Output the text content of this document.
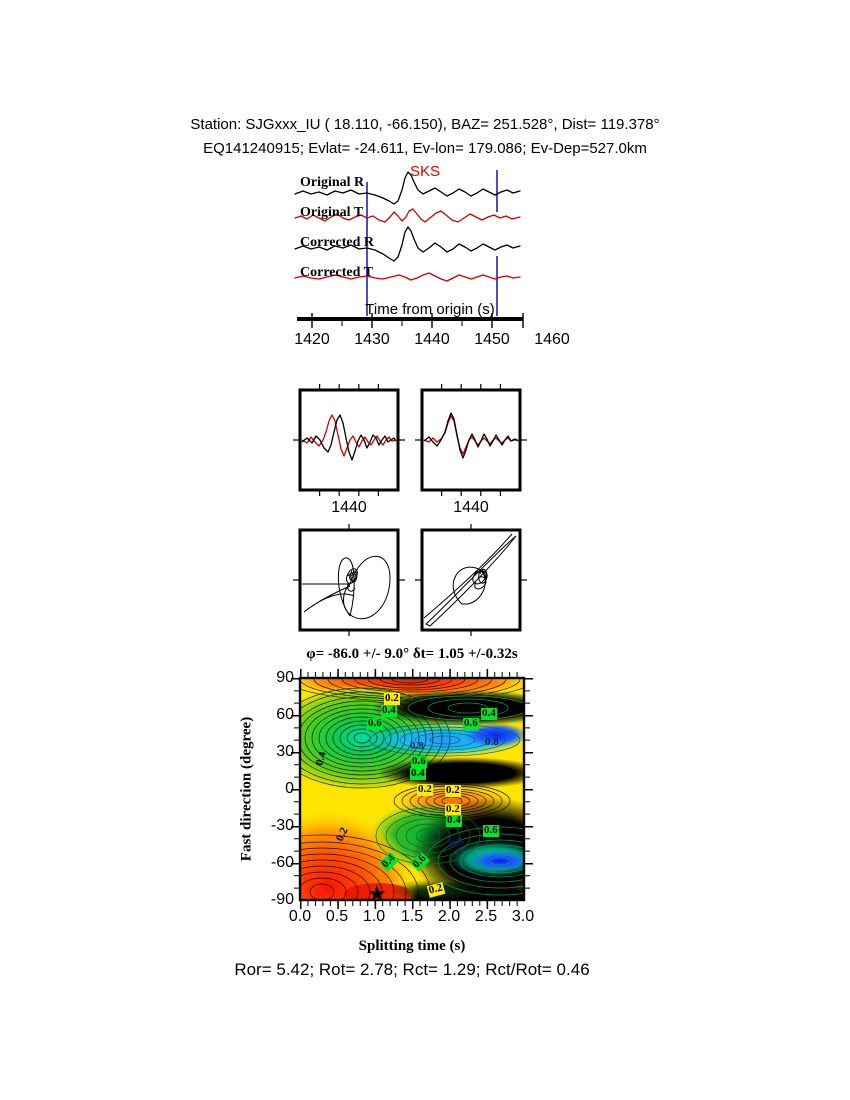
Station: SJGxxx_IU ( 18.110, -66.150), BAZ= 251.528°, Dist= 119.378°
EQ141240915; Evlat= -24.611, Ev-lon= 179.086; Ev-Dep=527.0km
Original R
Original T
Corrected R
Corrected T
SKS
Time from origin (s)
1420 1430 1440 1450 1460
1440	1440
φ= -86.0 +/- 9.0° δt= 1.05 +/-0.32s
0.2
0.4
0.6
0.4
0.4
0.6
0.8	0.8
0.6
0.4
0.2 0.2
0.2
0.4
0.6
0.8
0.6
0.4
0.2
0.2
★
Fast direction (degree)
90
60
30
0
-30
-60
-90
0.0 0.5 1.0 1.5 2.0 2.5 3.0
Splitting time (s)
Ror= 5.42; Rot= 2.78; Rct= 1.29; Rct/Rot= 0.46
